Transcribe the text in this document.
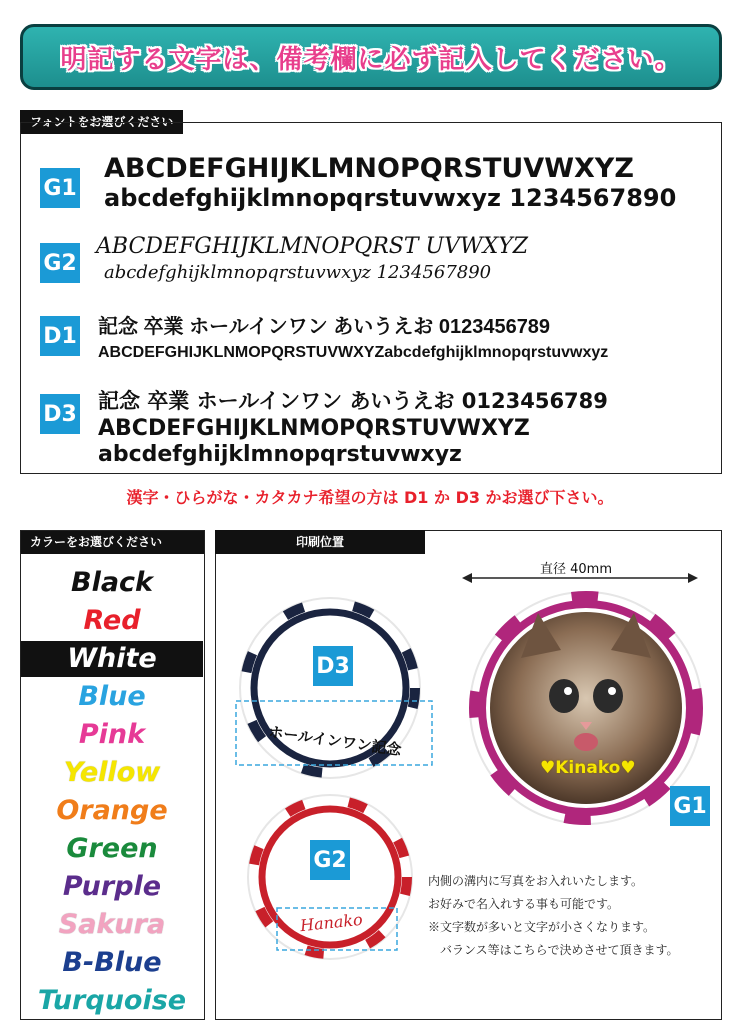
明記する文字は、備考欄に必ず記入してください。
フォントをお選びください
G1
ABCDEFGHIJKLMNOPQRSTUVWXYZ
abcdefghijklmnopqrstuvwxyz 1234567890
G2
ABCDEFGHIJKLMNOPQRST UVWXYZ
abcdefghijklmnopqrstuvwxyz 1234567890
D1 記念 卒業 ホールインワン あいうえお 0123456789
ABCDEFGHIJKLNMOPQRSTUVWXYZabcdefghijklmnopqrstuvwxyz
D3
記念 卒業 ホールインワン あいうえお 0123456789
ABCDEFGHIJKLNMOPQRSTUVWXYZ
abcdefghijklmnopqrstuvwxyz
漢字・ひらがな・カタカナ希望の方は D1 か D3 かお選び下さい。
カラーをお選びください
Black
Red
White
Blue
Pink
Yellow
Orange
Green
Purple
Sakura
B-Blue
Turquoise
印刷位置
直径 40mm
D3
ホールインワン記念
G2
Hanako
♥Kinako♥
G1
内側の溝内に写真をお入れいたします。
お好みで名入れする事も可能です。
※文字数が多いと文字が小さくなります。
　バランス等はこちらで決めさせて頂きます。
